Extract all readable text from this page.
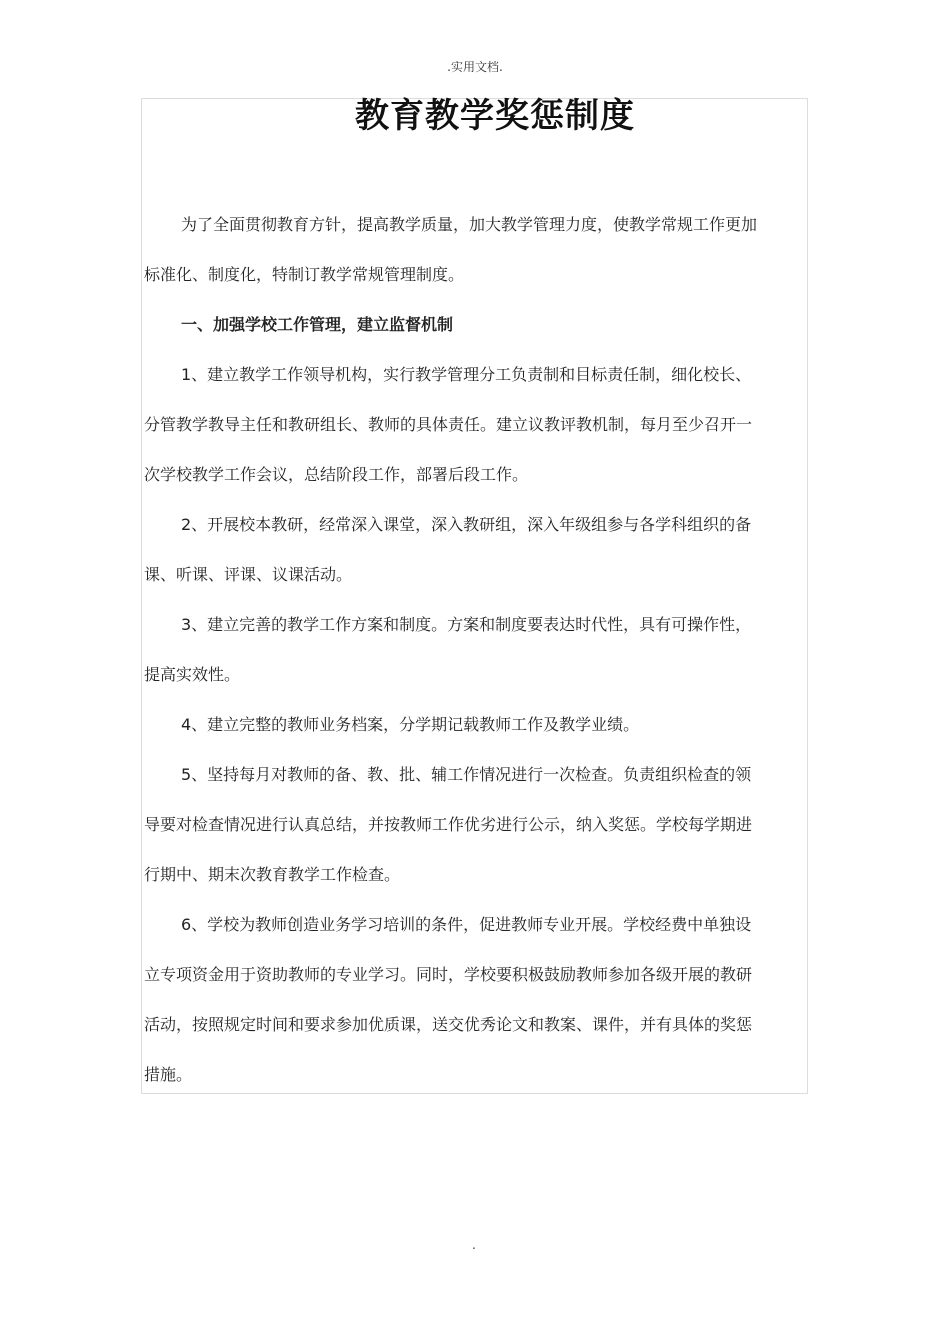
.实用文档.
教育教学奖惩制度

为了全面贯彻教育方针，提高教学质量，加大教学管理力度，使教学常规工作更加

标准化、制度化，特制订教学常规管理制度。

一、加强学校工作管理，建立监督机制

1、建立教学工作领导机构，实行教学管理分工负责制和目标责任制，细化校长、

分管教学教导主任和教研组长、教师的具体责任。建立议教评教机制，每月至少召开一

次学校教学工作会议，总结阶段工作，部署后段工作。

2、开展校本教研，经常深入课堂，深入教研组，深入年级组参与各学科组织的备

课、听课、评课、议课活动。

3、建立完善的教学工作方案和制度。方案和制度要表达时代性，具有可操作性，

提高实效性。

4、建立完整的教师业务档案，分学期记载教师工作及教学业绩。

5、坚持每月对教师的备、教、批、辅工作情况进行一次检查。负责组织检查的领

导要对检查情况进行认真总结，并按教师工作优劣进行公示，纳入奖惩。学校每学期进

行期中、期末次教育教学工作检查。

6、学校为教师创造业务学习培训的条件，促进教师专业开展。学校经费中单独设

立专项资金用于资助教师的专业学习。同时，学校要积极鼓励教师参加各级开展的教研

活动，按照规定时间和要求参加优质课，送交优秀论文和教案、课件，并有具体的奖惩

措施。

.
